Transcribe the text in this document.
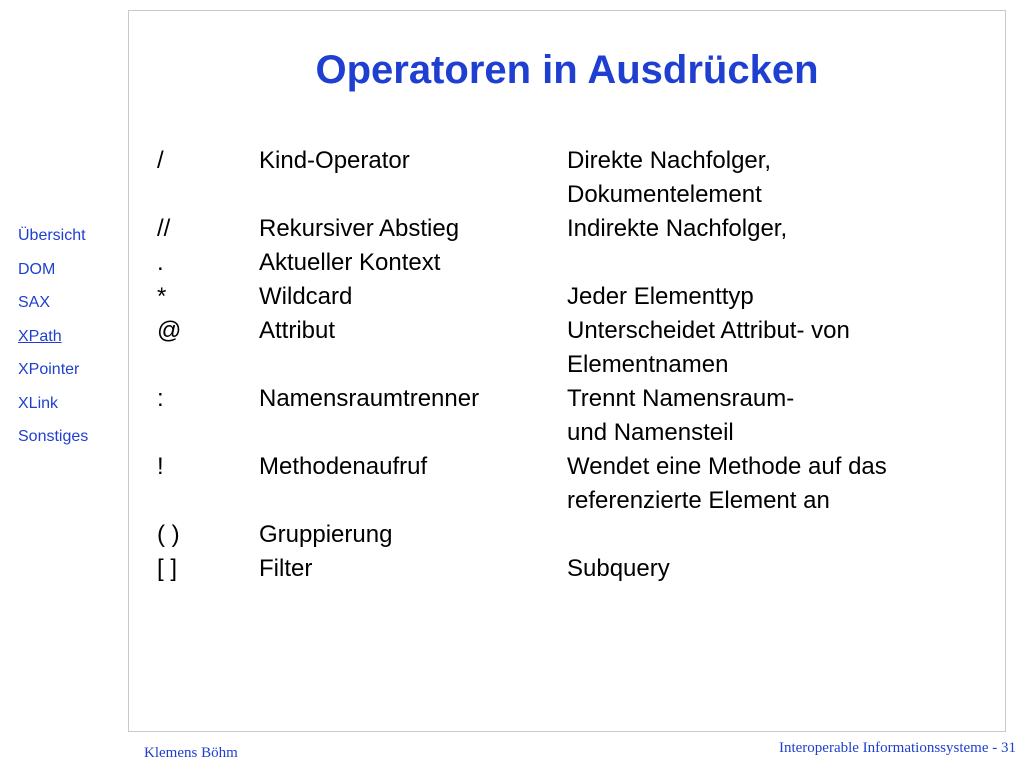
Übersicht
DOM
SAX
XPath
XPointer
XLink
Sonstiges
Operatoren in Ausdrücken
/	Kind-Operator	Direkte Nachfolger,
Dokumentelement

//	Rekursiver Abstieg	Indirekte Nachfolger,

.	Aktueller Kontext	
*	Wildcard	Jeder Elementtyp

@	Attribut	Unterscheidet Attribut- von
Elementnamen

:	Namensraumtrenner	Trennt Namensraum-
und Namensteil

!	Methodenaufruf	Wendet eine Methode auf das
referenzierte Element an

( )	Gruppierung	
[ ]	Filter	Subquery
Klemens Böhm	Interoperable Informationssysteme - 31
